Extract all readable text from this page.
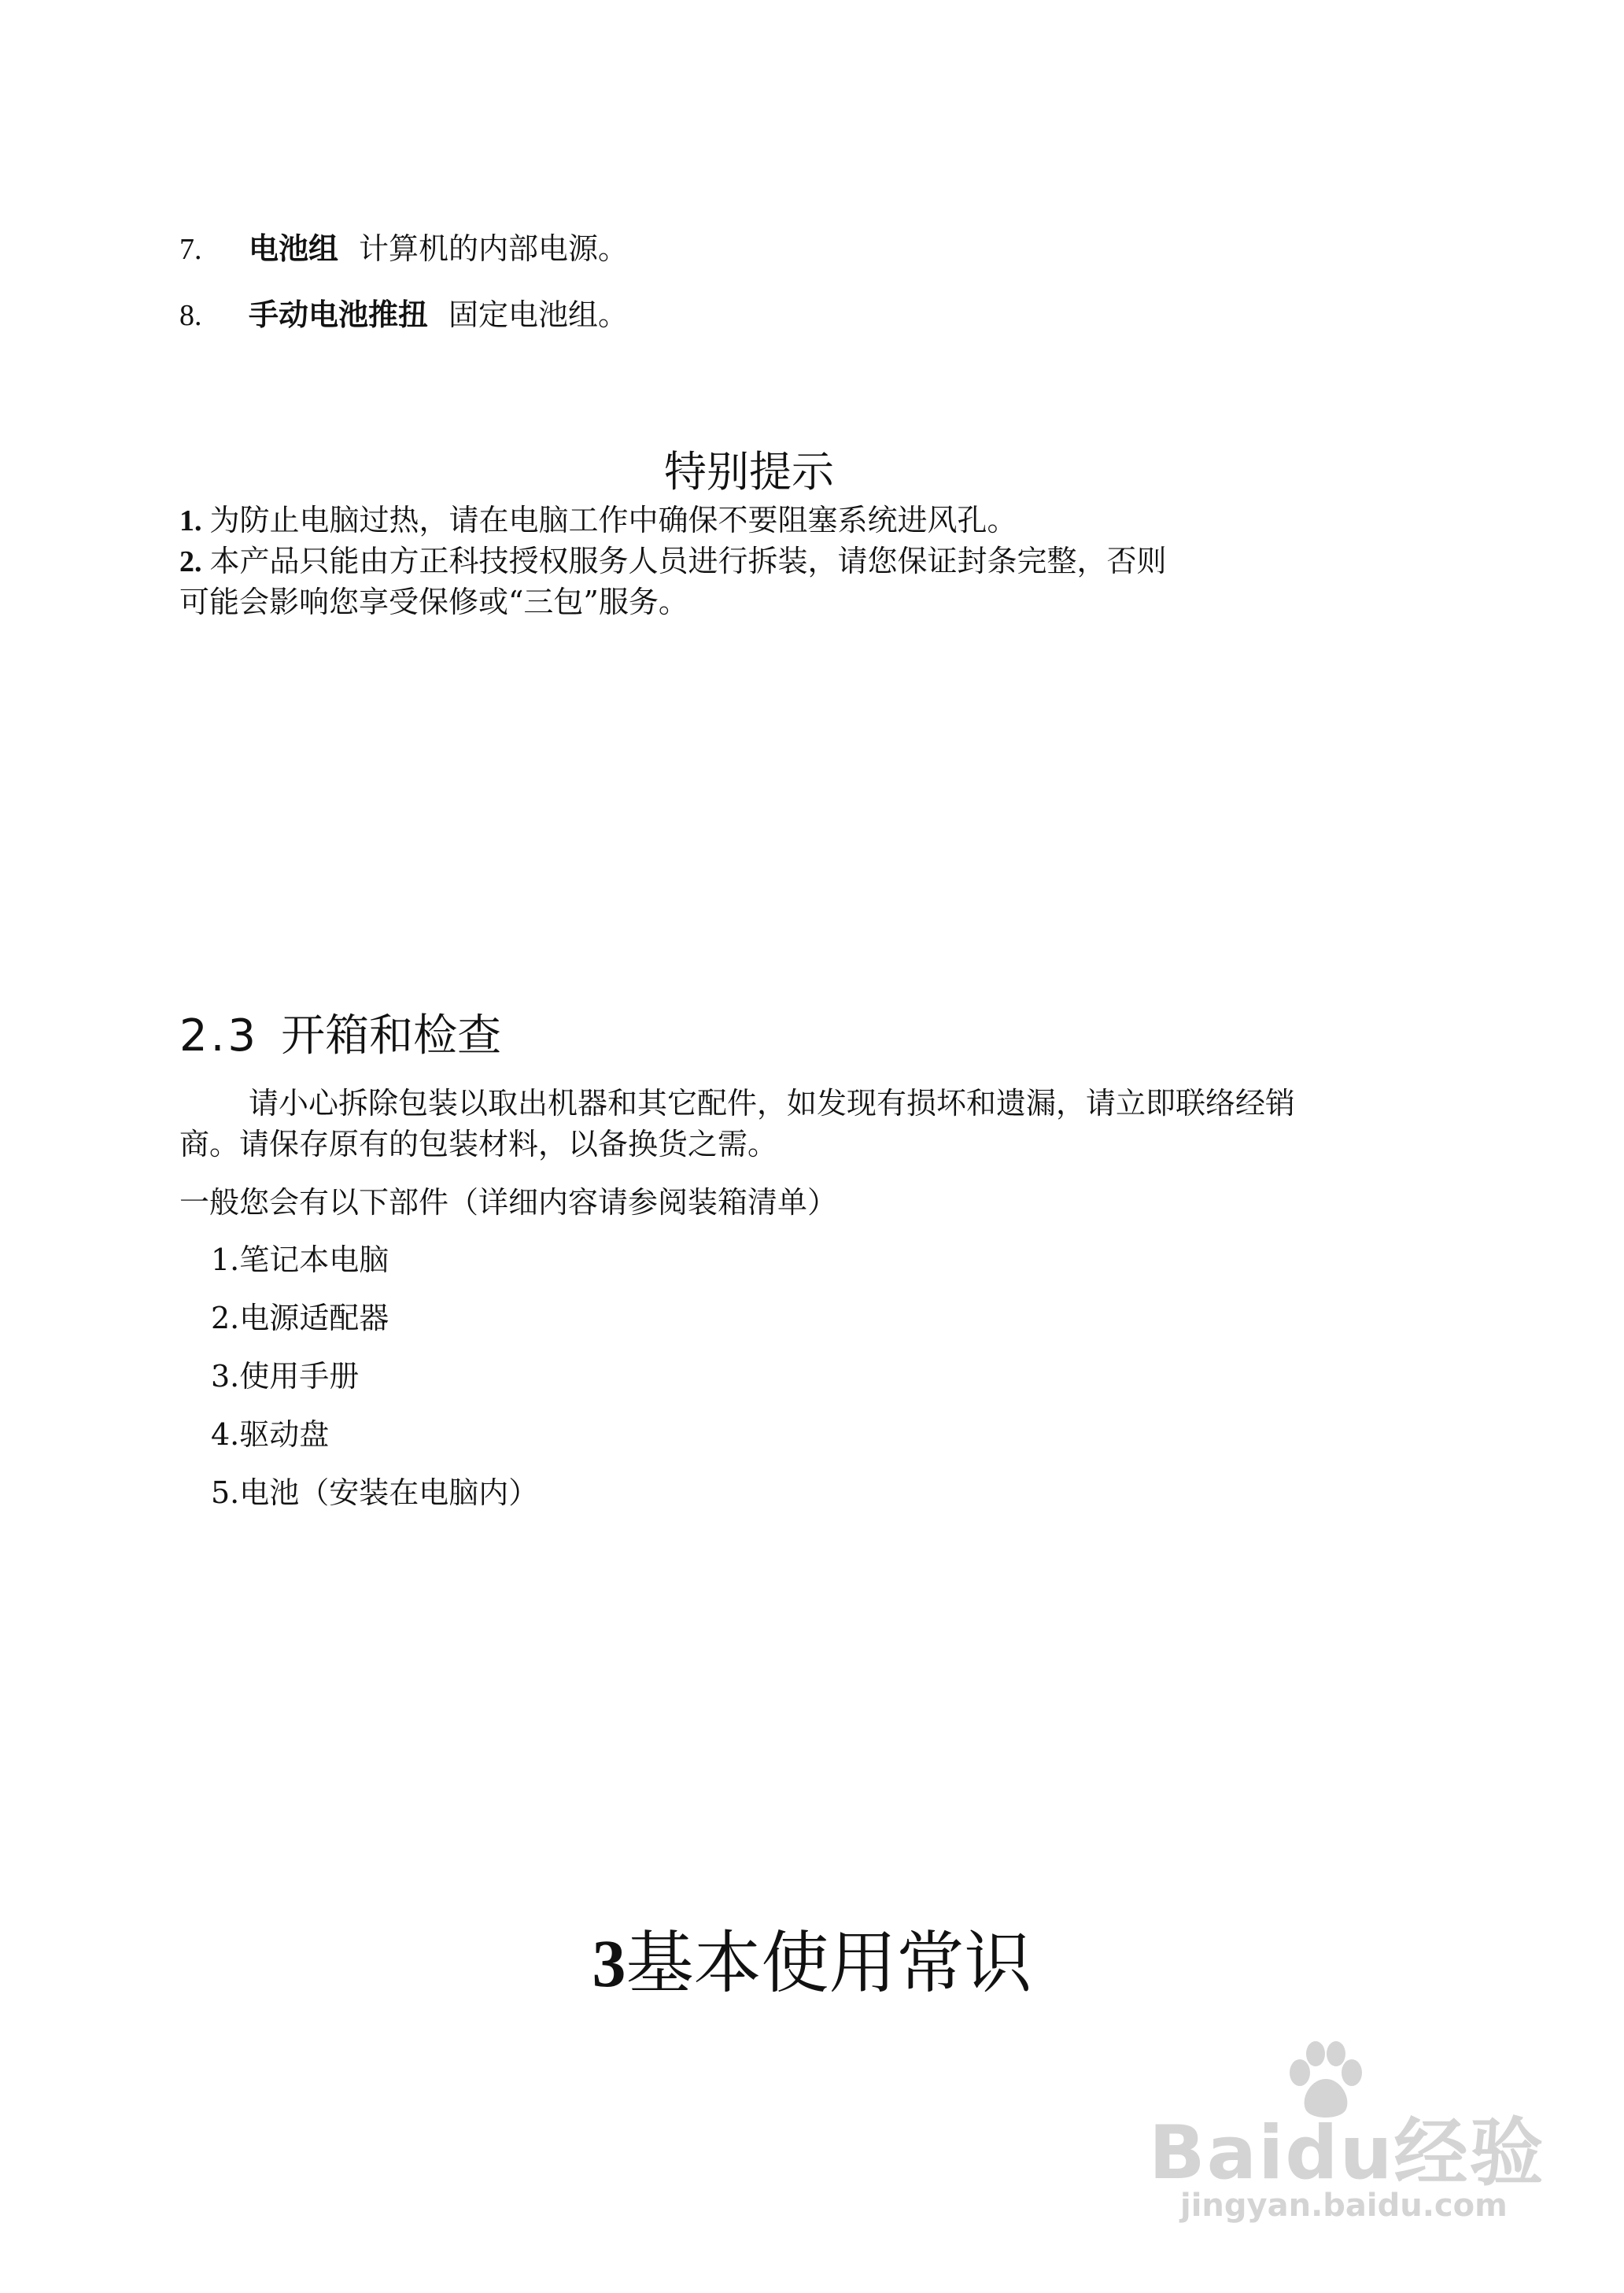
7. 电池组 计算机的内部电源。
8. 手动电池推扭 固定电池组。
特别提示
1. 为防止电脑过热，请在电脑工作中确保不要阻塞系统进风孔。
2. 本产品只能由方正科技授权服务人员进行拆装，请您保证封条完整，否则
可能会影响您享受保修或“三包”服务。
2.3 开箱和检查
请小心拆除包装以取出机器和其它配件，如发现有损坏和遗漏，请立即联络经销
商。请保存原有的包装材料，以备换货之需。
一般您会有以下部件（详细内容请参阅装箱清单）
1.笔记本电脑
2.电源适配器
3.使用手册
4.驱动盘
5.电池（安装在电脑内）
3基本使用常识
Baidu经验
jingyan.baidu.com
